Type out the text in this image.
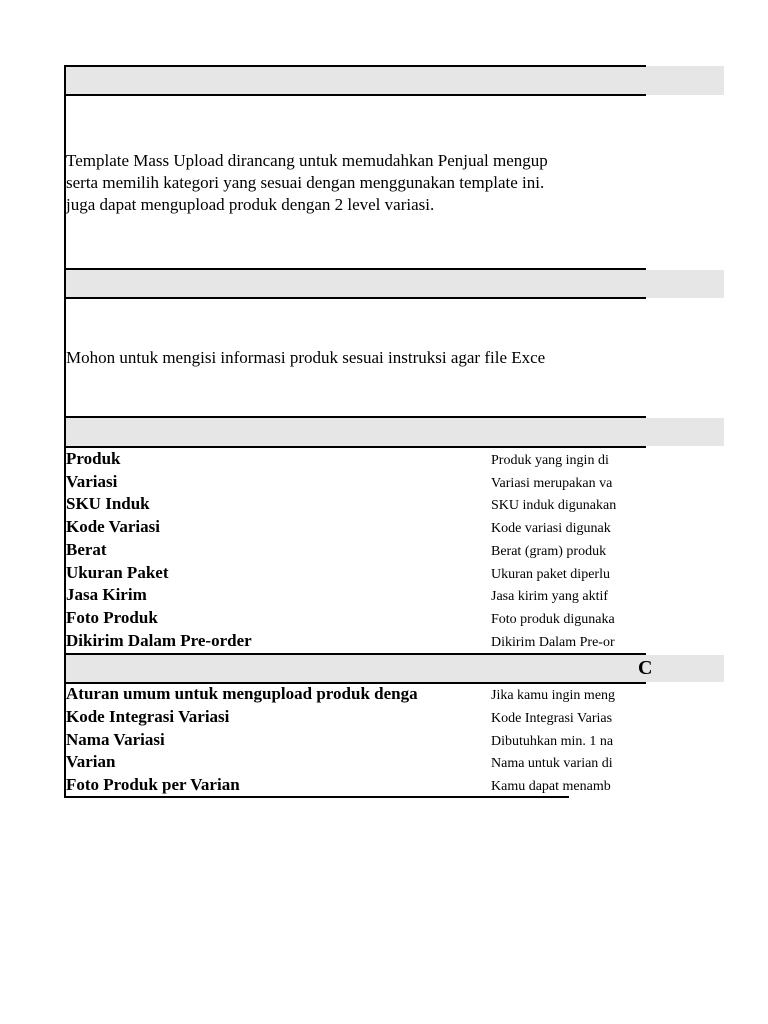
Template Mass Upload dirancang untuk memudahkan Penjual mengup
serta memilih kategori yang sesuai dengan menggunakan template ini.
juga dapat mengupload produk dengan 2 level variasi.
Mohon untuk mengisi informasi produk sesuai instruksi agar file Exce
Produk	Produk yang ingin di
Variasi	Variasi merupakan va
SKU Induk	SKU induk digunakan
Kode Variasi	Kode variasi digunak
Berat	Berat (gram) produk
Ukuran Paket	Ukuran paket diperlu
Jasa Kirim	Jasa kirim yang aktif
Foto Produk	Foto produk digunaka
Dikirim Dalam Pre-order	Dikirim Dalam Pre-or
C
Aturan umum untuk mengupload produk denga	Jika kamu ingin meng
Kode Integrasi Variasi	Kode Integrasi Varias
Nama Variasi	Dibutuhkan min. 1 na
Varian	Nama untuk varian di
Foto Produk per Varian	Kamu dapat menamb
